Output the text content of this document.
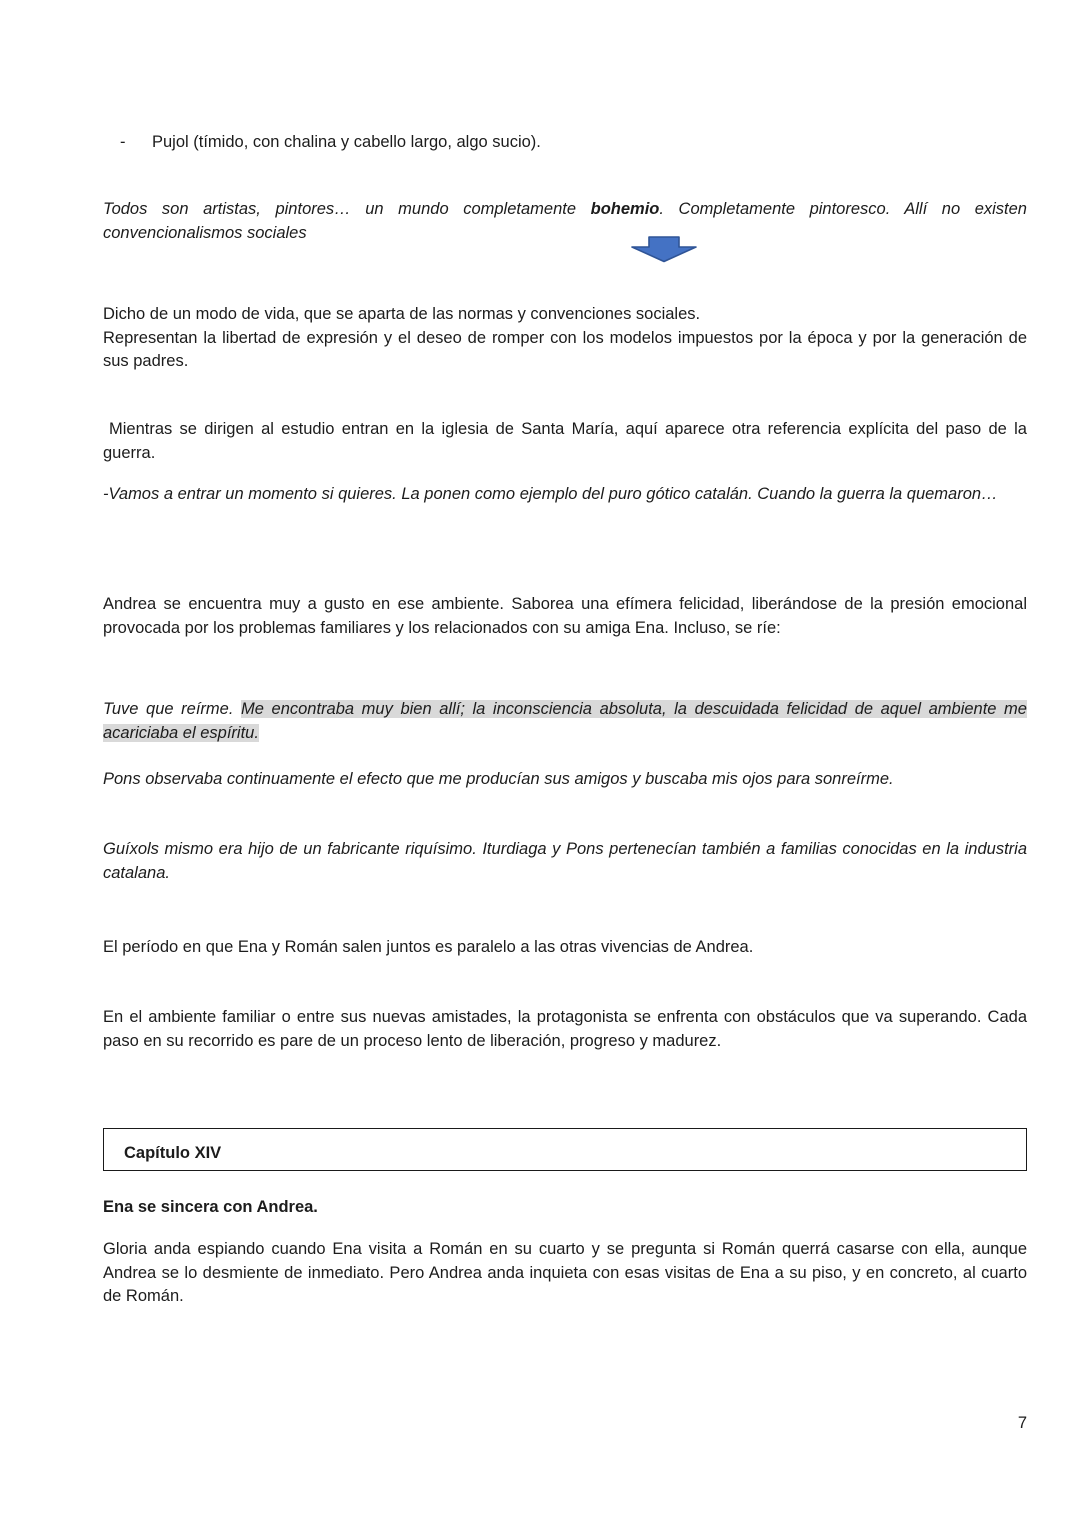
- Pujol (tímido, con chalina y cabello largo, algo sucio).
Todos son artistas, pintores… un mundo completamente bohemio. Completamente pintoresco. Allí no existen convencionalismos sociales
Dicho de un modo de vida, que se aparta de las normas y convenciones sociales.
Representan la libertad de expresión y el deseo de romper con los modelos impuestos por la época y por la generación de sus padres.
Mientras se dirigen al estudio entran en la iglesia de Santa María, aquí aparece otra referencia explícita del paso de la guerra.
-Vamos a entrar un momento si quieres. La ponen como ejemplo del puro gótico catalán. Cuando la guerra la quemaron…
Andrea se encuentra muy a gusto en ese ambiente. Saborea una efímera felicidad, liberándose de la presión emocional provocada por los problemas familiares y los relacionados con su amiga Ena. Incluso, se ríe:
Tuve que reírme. Me encontraba muy bien allí; la inconsciencia absoluta, la descuidada felicidad de aquel ambiente me acariciaba el espíritu.
Pons observaba continuamente el efecto que me producían sus amigos y buscaba mis ojos para sonreírme.
Guíxols mismo era hijo de un fabricante riquísimo. Iturdiaga y Pons pertenecían también a familias conocidas en la industria catalana.
El período en que Ena y Román salen juntos es paralelo a las otras vivencias de Andrea.
En el ambiente familiar o entre sus nuevas amistades, la protagonista se enfrenta con obstáculos que va superando. Cada paso en su recorrido es pare de un proceso lento de liberación, progreso y madurez.
Capítulo XIV
Ena se sincera con Andrea.
Gloria anda espiando cuando Ena visita a Román en su cuarto y se pregunta si Román querrá casarse con ella, aunque Andrea se lo desmiente de inmediato. Pero Andrea anda inquieta con esas visitas de Ena a su piso, y en concreto, al cuarto de Román.
7
